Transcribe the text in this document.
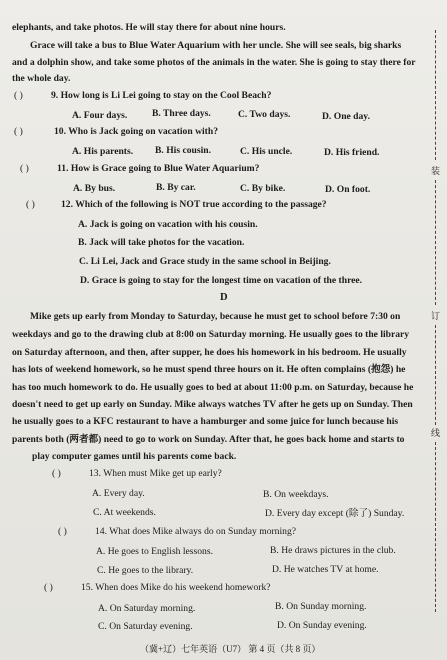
elephants, and take photos. He will stay there for about nine hours.
Grace will take a bus to Blue Water Aquarium with her uncle. She will see seals, big sharks
and a dolphin show, and take some photos of the animals in the water. She is going to stay there for
the whole day.
( )	9. How long is Li Lei going to stay on the Cool Beach?
A. Four days.	B. Three days.	C. Two days.	D. One day.
( )	10. Who is Jack going on vacation with?
A. His parents. B. His cousin.	C. His uncle.	D. His friend.
( )	11. How is Grace going to Blue Water Aquarium?
A. By bus.	B. By car.	C. By bike.	D. On foot.
( )	12. Which of the following is NOT true according to the passage?
A. Jack is going on vacation with his cousin.
B. Jack will take photos for the vacation.
C. Li Lei, Jack and Grace study in the same school in Beijing.
D. Grace is going to stay for the longest time on vacation of the three.
D
Mike gets up early from Monday to Saturday, because he must get to school before 7:30 on
weekdays and go to the drawing club at 8:00 on Saturday morning. He usually goes to the library
on Saturday afternoon, and then, after supper, he does his homework in his bedroom. He usually
has lots of weekend homework, so he must spend three hours on it. He often complains (抱怨) he
has too much homework to do. He usually goes to bed at about 11:00 p.m. on Saturday, because he
doesn't need to get up early on Sunday. Mike always watches TV after he gets up on Sunday. Then
he usually goes to a KFC restaurant to have a hamburger and some juice for lunch because his
parents both (两者都) need to go to work on Sunday. After that, he goes back home and starts to
play computer games until his parents come back.
( )	13. When must Mike get up early?
A. Every day.	B. On weekdays.
C. At weekends.	D. Every day except (除了) Sunday.
( )	14. What does Mike always do on Sunday morning?
A. He goes to English lessons.	B. He draws pictures in the club.
C. He goes to the library.	D. He watches TV at home.
( )	15. When does Mike do his weekend homework?
A. On Saturday morning.	B. On Sunday morning.
C. On Saturday evening.	D. On Sunday evening.
（冀+辽）七年英语（U7） 第 4 页（共 8 页）
装
订
线
